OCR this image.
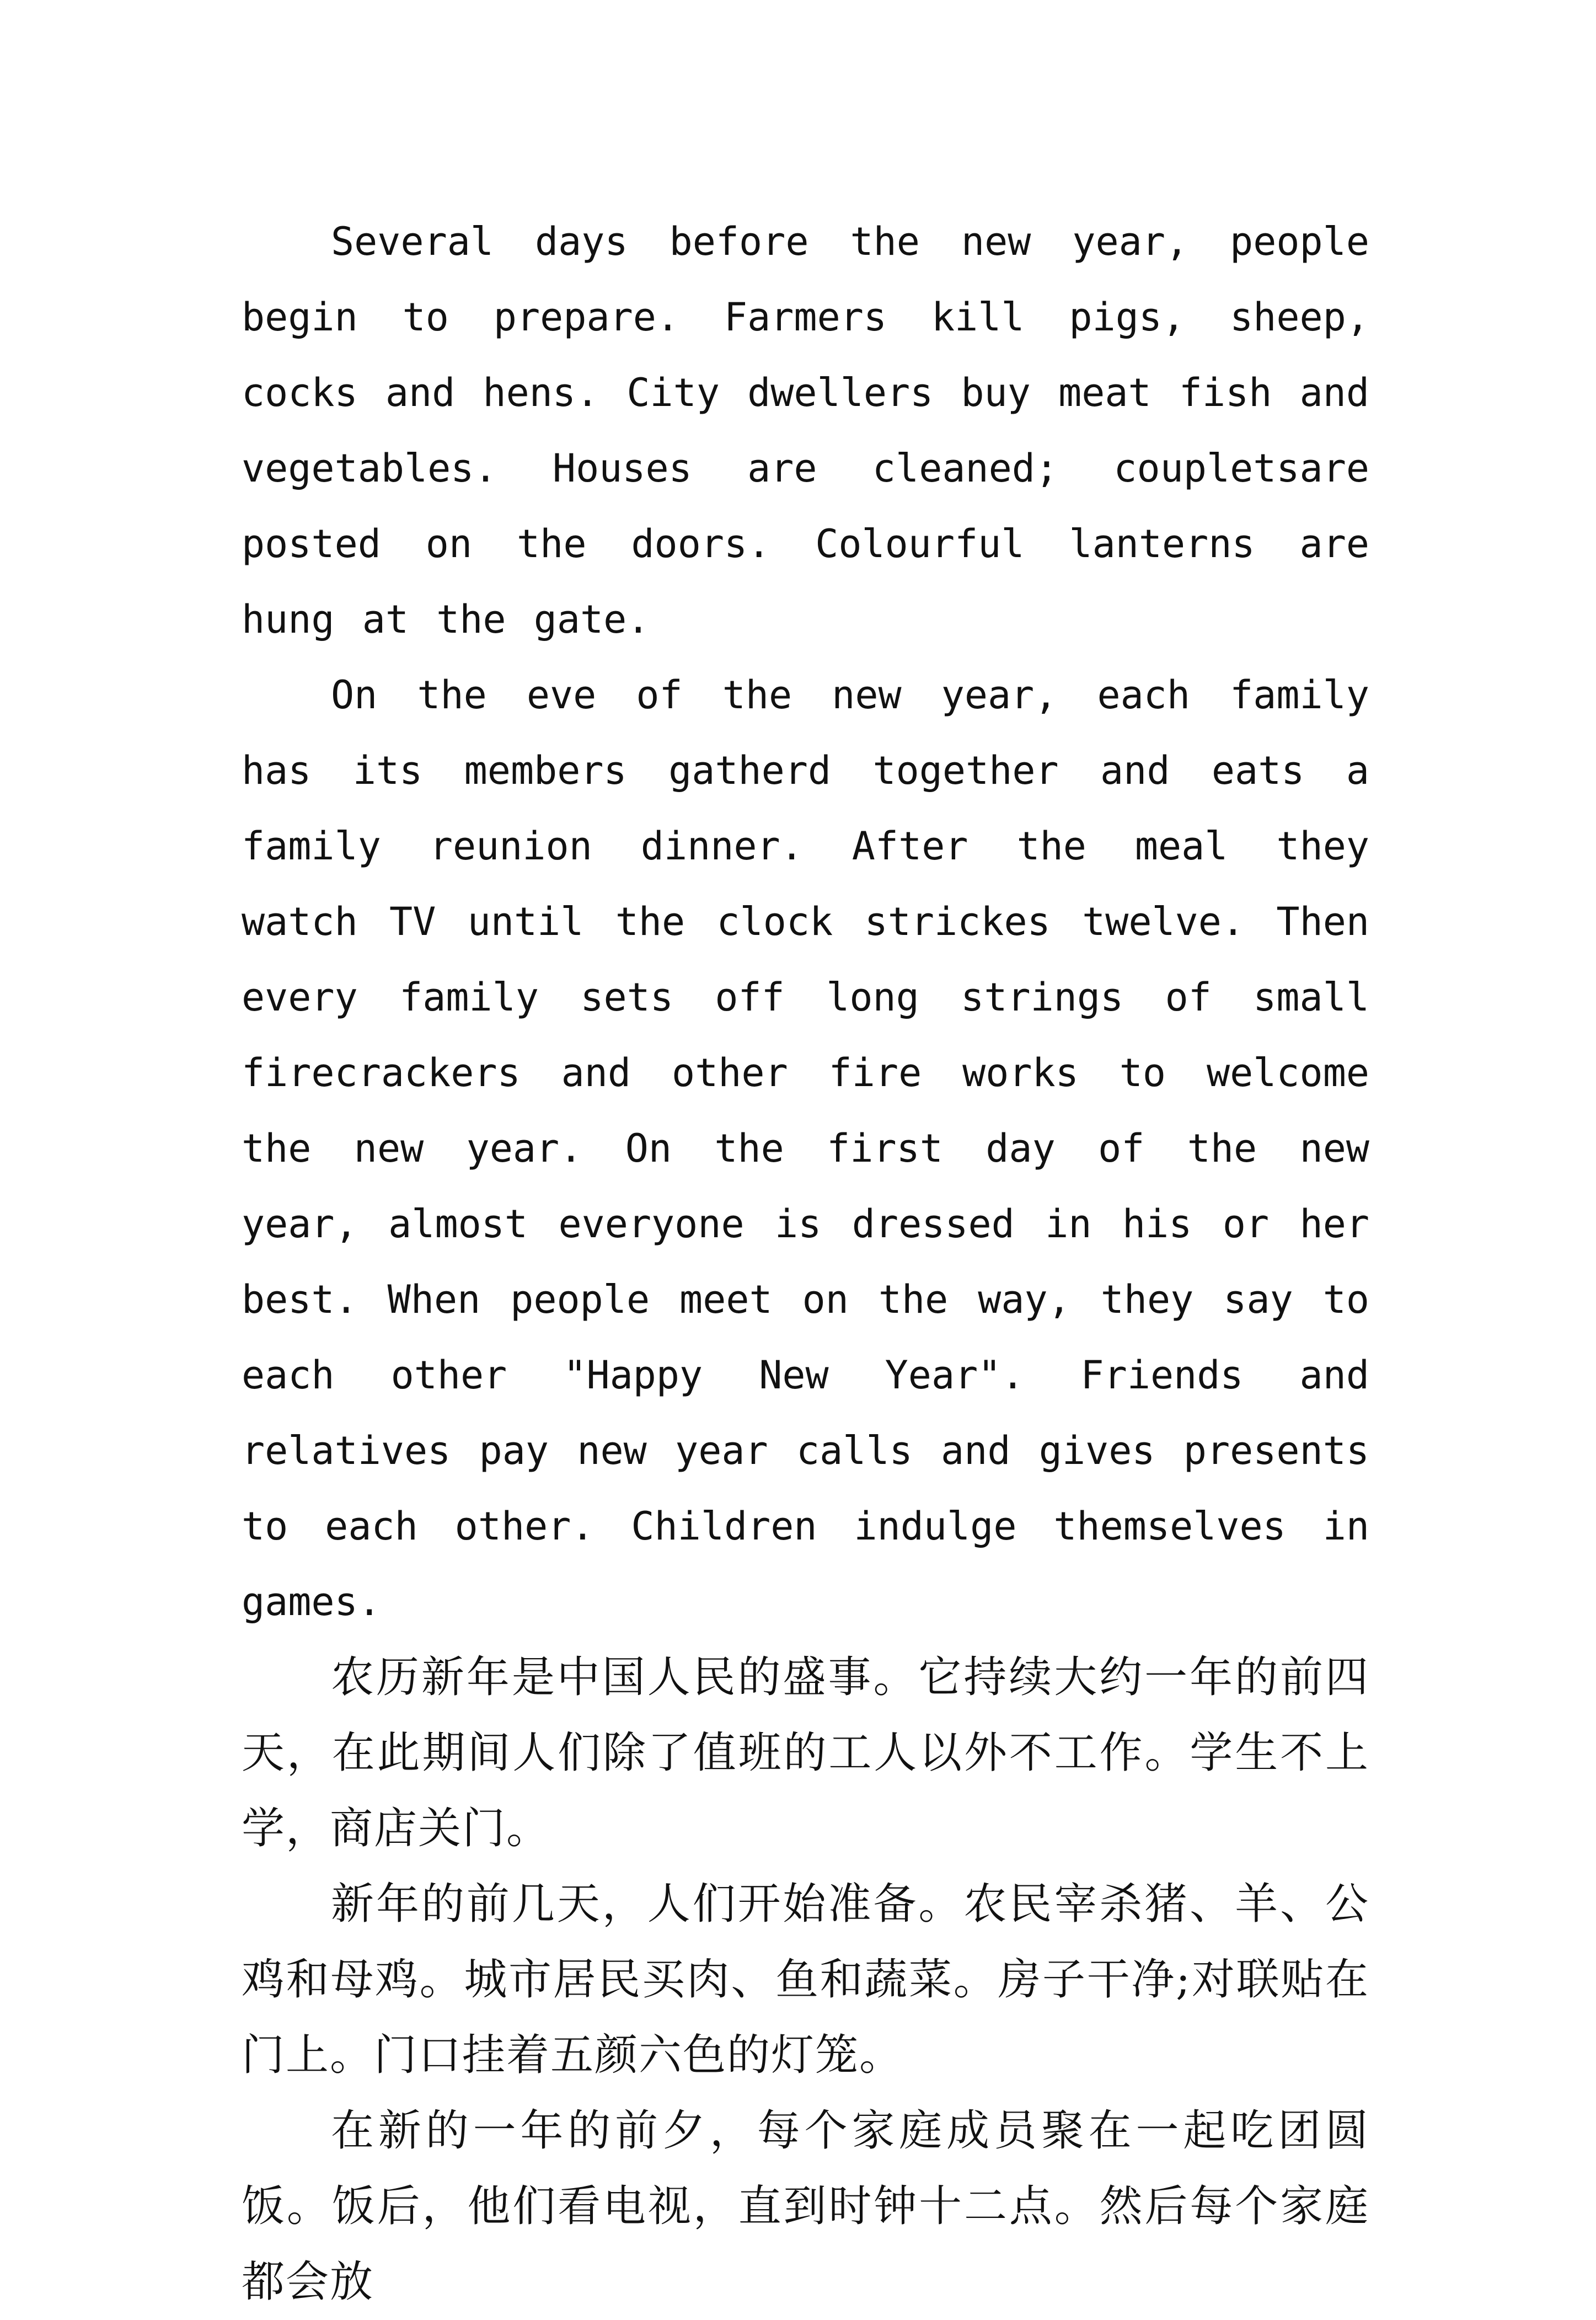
Several days before the new year, people begin to prepare. Farmers kill pigs, sheep, cocks and hens. City dwellers buy meat fish and vegetables. Houses are cleaned; coupletsare posted on the doors. Colourful lanterns are hung at the gate.

On the eve of the new year, each family has its members gatherd together and eats a family reunion dinner. After the meal they watch TV until the clock strickes twelve. Then every family sets off long strings of small firecrackers and other fire works to welcome the new year. On the first day of the new year, almost everyone is dressed in his or her best. When people meet on the way, they say to each other "Happy New Year". Friends and relatives pay new year calls and gives presents to each other. Children indulge themselves in games.

农历新年是中国人民的盛事。它持续大约一年的前四天，在此期间人们除了值班的工人以外不工作。学生不上学，商店关门。

新年的前几天，人们开始准备。农民宰杀猪、羊、公鸡和母鸡。城市居民买肉、鱼和蔬菜。房子干净;对联贴在门上。门口挂着五颜六色的灯笼。

在新的一年的前夕，每个家庭成员聚在一起吃团圆饭。饭后，他们看电视，直到时钟十二点。然后每个家庭都会放
